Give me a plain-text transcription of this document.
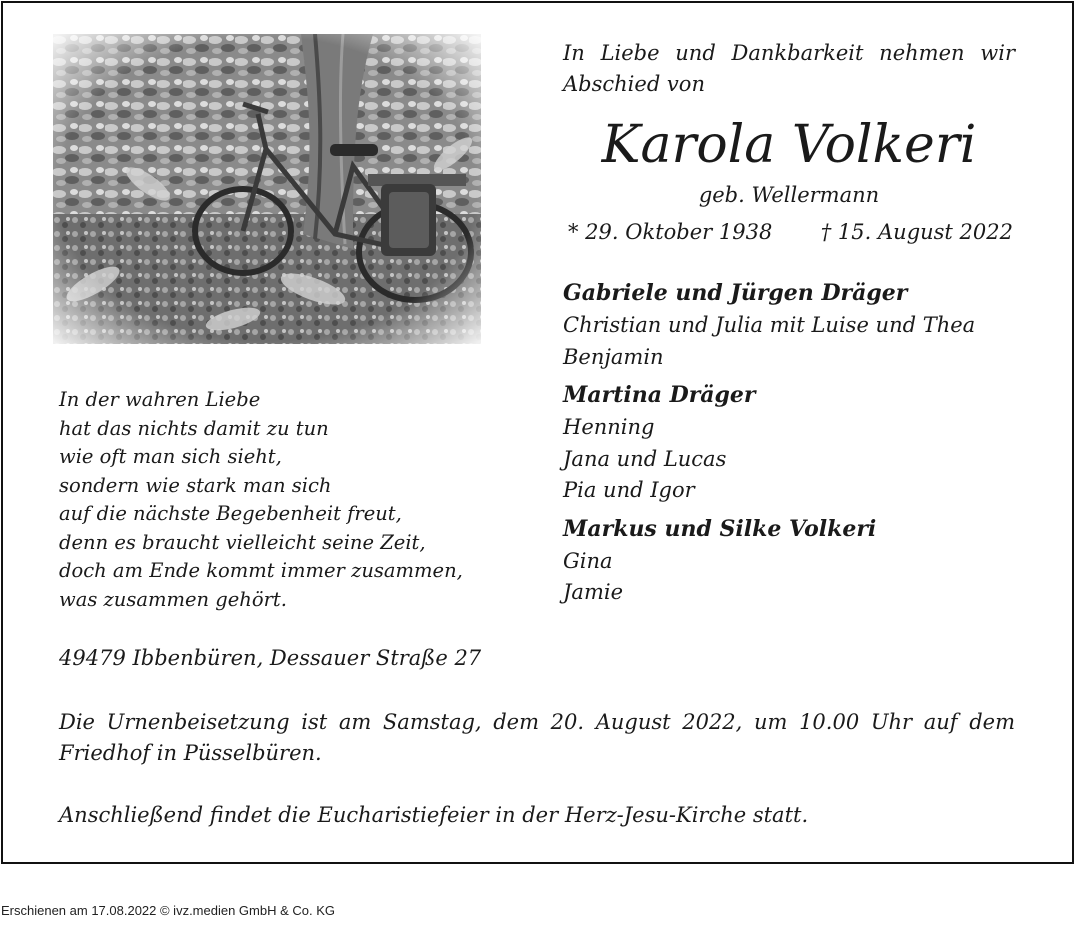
In Liebe und Dankbarkeit nehmen wir
Abschied von
Karola Volkeri
geb. Wellermann
* 29. Oktober 1938 † 15. August 2022
Gabriele und Jürgen Dräger
Christian und Julia mit Luise und Thea
Benjamin
Martina Dräger
Henning
Jana und Lucas
Pia und Igor
Markus und Silke Volkeri
Gina
Jamie
In der wahren Liebe
hat das nichts damit zu tun
wie oft man sich sieht,
sondern wie stark man sich
auf die nächste Begebenheit freut,
denn es braucht vielleicht seine Zeit,
doch am Ende kommt immer zusammen,
was zusammen gehört.
49479 Ibbenbüren, Dessauer Straße 27
Die Urnenbeisetzung ist am Samstag, dem 20. August 2022, um 10.00 Uhr auf dem Friedhof in Püsselbüren.
Anschließend findet die Eucharistiefeier in der Herz-Jesu-Kirche statt.
Erschienen am 17.08.2022 © ivz.medien GmbH & Co. KG
